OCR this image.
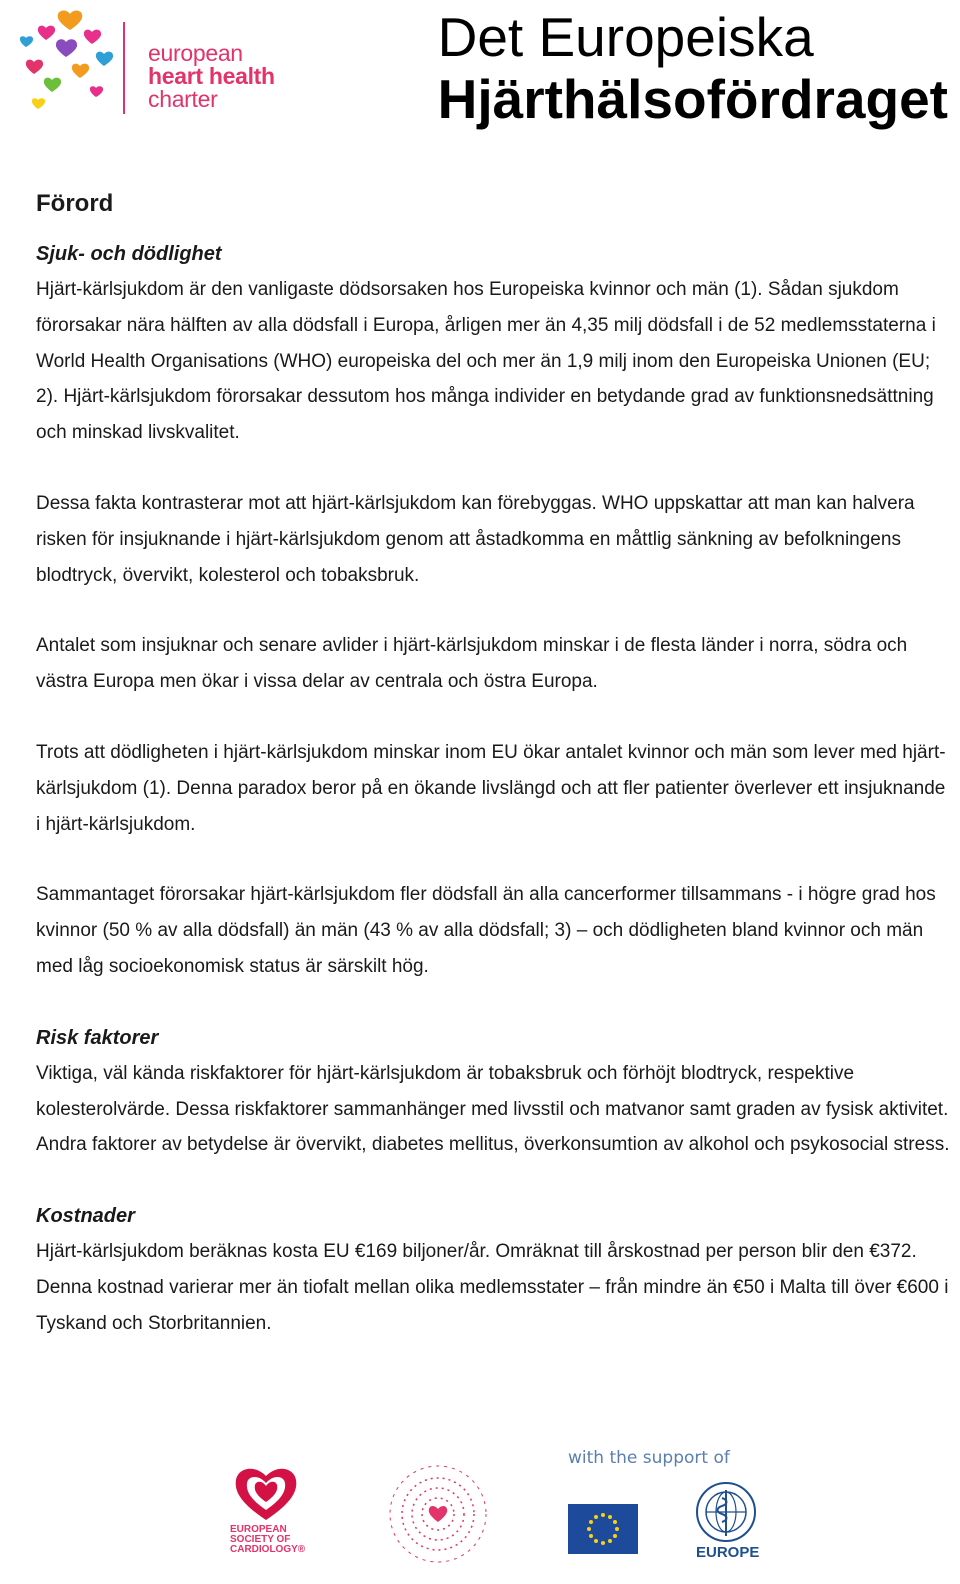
european
heart health
charter
Det Europeiska
Hjärthälsofördraget
Förord
Sjuk- och dödlighet

Hjärt-kärlsjukdom är den vanligaste dödsorsaken hos Europeiska kvinnor och män (1). Sådan sjukdom förorsakar nära hälften av alla dödsfall i Europa, årligen mer än 4,35 milj dödsfall i de 52 medlemsstaterna i World Health Organisations (WHO) europeiska del och mer än 1,9 milj inom den Europeiska Unionen (EU; 2). Hjärt-kärlsjukdom förorsakar dessutom hos många individer en betydande grad av funktionsnedsättning och minskad livskvalitet.

Dessa fakta kontrasterar mot att hjärt-kärlsjukdom kan förebyggas. WHO uppskattar att man kan halvera risken för insjuknande i hjärt-kärlsjukdom genom att åstadkomma en måttlig sänkning av befolkningens blodtryck, övervikt, kolesterol och tobaksbruk.

Antalet som insjuknar och senare avlider i hjärt-kärlsjukdom minskar i de flesta länder i norra, södra och västra Europa men ökar i vissa delar av centrala och östra Europa.

Trots att dödligheten i hjärt-kärlsjukdom minskar inom EU ökar antalet kvinnor och män som lever med hjärt-kärlsjukdom (1). Denna paradox beror på en ökande livslängd och att fler patienter överlever ett insjuknande i hjärt-kärlsjukdom.

Sammantaget förorsakar hjärt-kärlsjukdom fler dödsfall än alla cancerformer tillsammans - i högre grad hos kvinnor (50 % av alla dödsfall) än män (43 % av alla dödsfall; 3) – och dödligheten bland kvinnor och män med låg socioekonomisk status är särskilt hög.

Risk faktorer

Viktiga, väl kända riskfaktorer för hjärt-kärlsjukdom är tobaksbruk och förhöjt blodtryck, respektive kolesterolvärde. Dessa riskfaktorer sammanhänger med livsstil och matvanor samt graden av fysisk aktivitet. Andra faktorer av betydelse är övervikt, diabetes mellitus, överkonsumtion av alkohol och psykosocial stress.

Kostnader

Hjärt-kärlsjukdom beräknas kosta EU €169 biljoner/år. Omräknat till årskostnad per person blir den €372. Denna kostnad varierar mer än tiofalt mellan olika medlemsstater – från mindre än €50 i Malta till över €600 i Tyskand och Storbritannien.

EUROPEAN
SOCIETY OF
CARDIOLOGY®
with the support of
EUROPE
